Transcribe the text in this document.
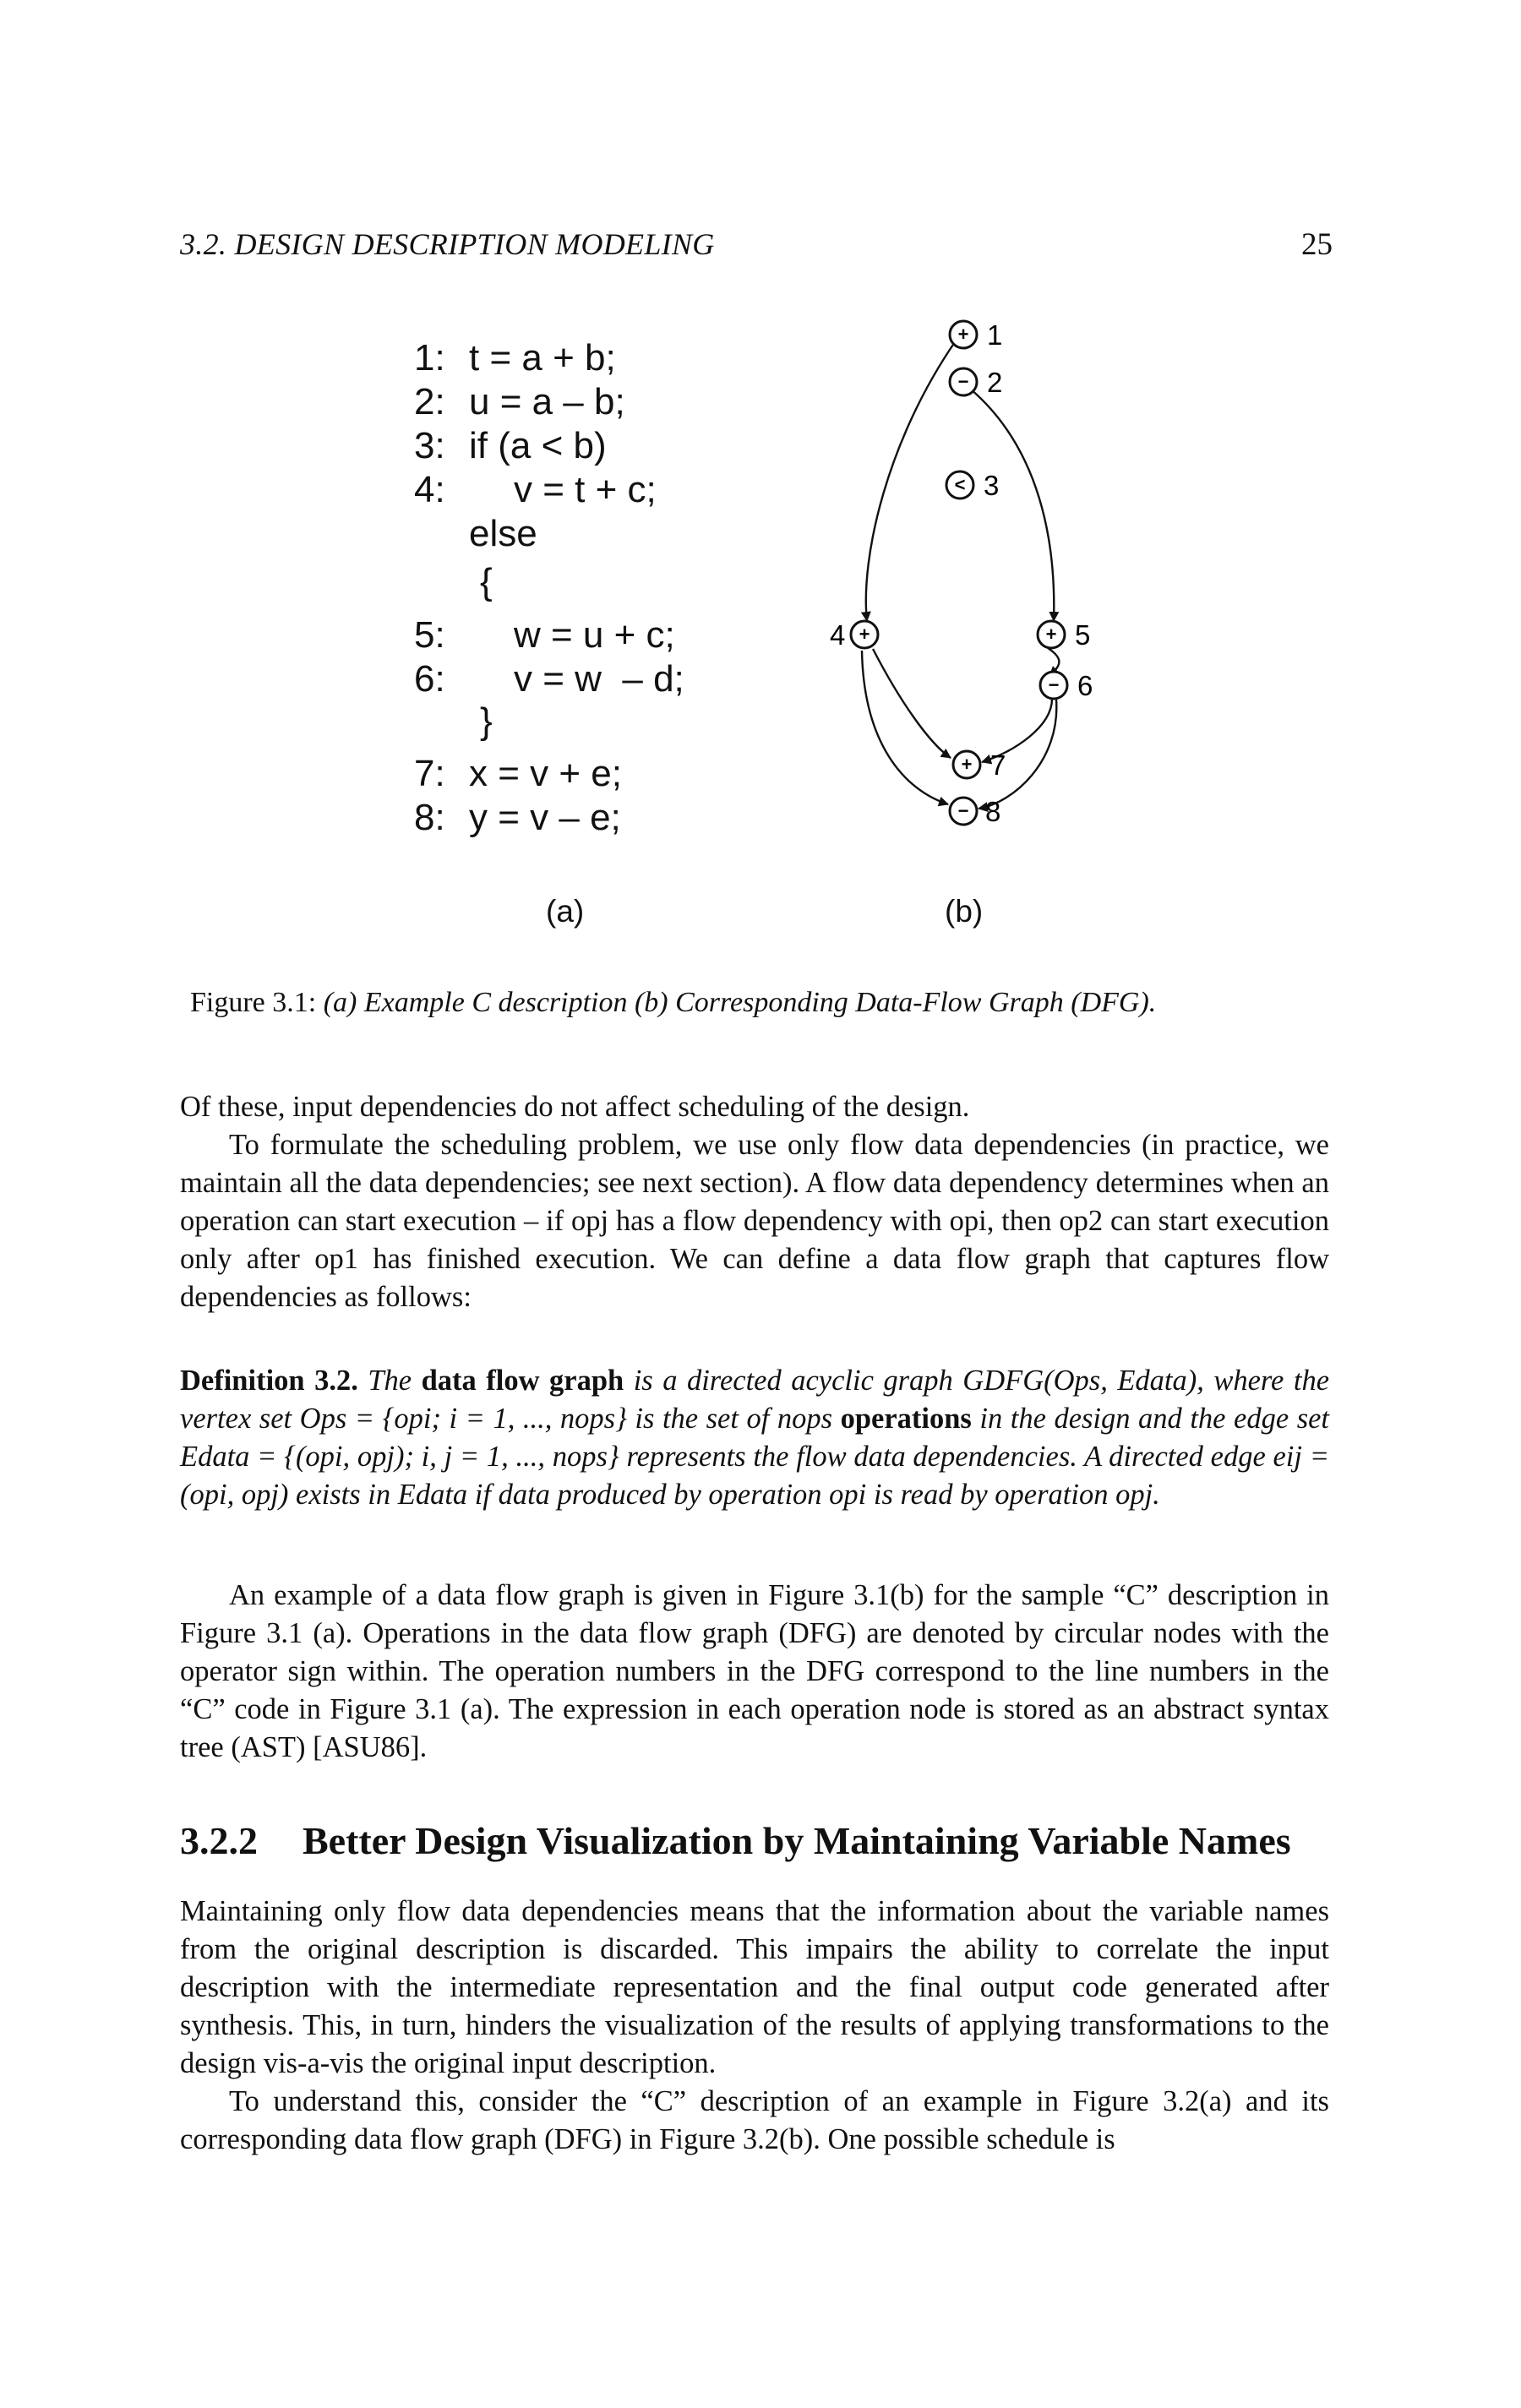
3.2. DESIGN DESCRIPTION MODELING	25
1: t = a + b;
2: u = a – b;
3: if (a < b)
4: v = t + c;
else
{
5: w = u + c;
6: v = w  – d;
}
7: x = v + e;
8: y = v – e;
+ 1
− 2
< 3
+
4	+ 5
− 6
+ 7
− 8
(a)	(b)
Figure 3.1: (a) Example C description (b) Corresponding Data-Flow Graph (DFG).

Of these, input dependencies do not affect scheduling of the design.

To formulate the scheduling problem, we use only flow data dependencies (in practice, we maintain all the data dependencies; see next section). A flow data dependency determines when an operation can start execution – if opj has a flow dependency with opi, then op2 can start execution only after op1 has finished execution. We can define a data flow graph that captures flow dependencies as follows:

Definition 3.2. The data flow graph is a directed acyclic graph GDFG(Ops, Edata), where the vertex set Ops = {opi; i = 1, ..., nops} is the set of nops operations in the design and the edge set Edata = {(opi, opj); i, j = 1, ..., nops} represents the flow data dependencies. A directed edge eij = (opi, opj) exists in Edata if data produced by operation opi is read by operation opj.

An example of a data flow graph is given in Figure 3.1(b) for the sample “C” description in Figure 3.1 (a). Operations in the data flow graph (DFG) are denoted by circular nodes with the operator sign within. The operation numbers in the DFG correspond to the line numbers in the “C” code in Figure 3.1 (a). The expression in each operation node is stored as an abstract syntax tree (AST) [ASU86].

3.2.2 Better Design Visualization by Maintaining Variable Names

Maintaining only flow data dependencies means that the information about the variable names from the original description is discarded. This impairs the ability to correlate the input description with the intermediate representation and the final output code generated after synthesis. This, in turn, hinders the visualization of the results of applying transformations to the design vis-a-vis the original input description.

To understand this, consider the “C” description of an example in Figure 3.2(a) and its corresponding data flow graph (DFG) in Figure 3.2(b). One possible schedule is
